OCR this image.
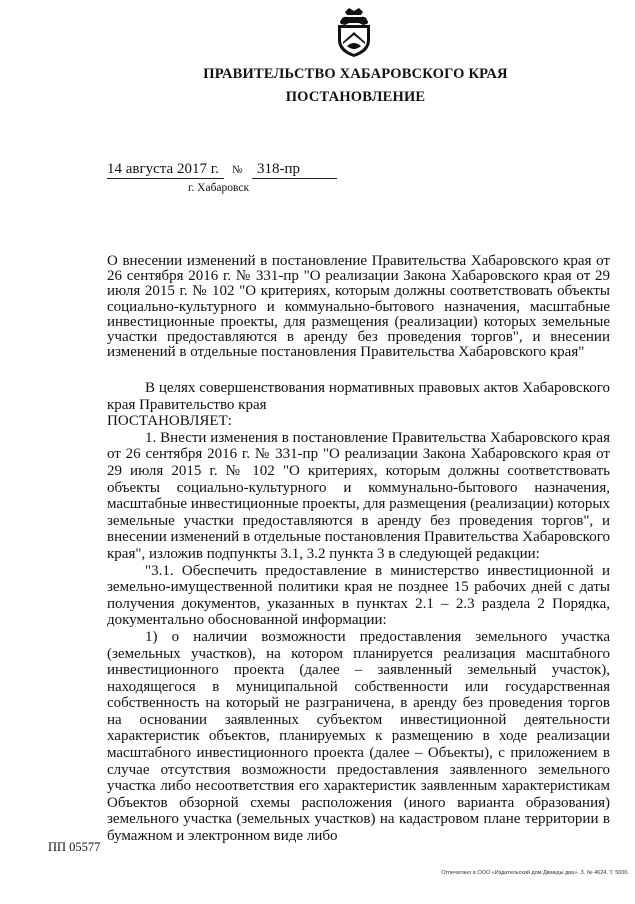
ПРАВИТЕЛЬСТВО ХАБАРОВСКОГО КРАЯ
ПОСТАНОВЛЕНИЕ
14 августа 2017 г. № 318-пр
г. Хабаровск
О внесении изменений в постановление Правительства Хабаровского края от 26 сентября 2016 г. № 331-пр "О реализации Закона Хабаровского края от 29 июля 2015 г. № 102 "О критериях, которым должны соответствовать объекты социально-культурного и коммунально-бытового назначения, масштабные инвестиционные проекты, для размещения (реализации) которых земельные участки предоставляются в аренду без проведения торгов", и внесении изменений в отдельные постановления Правительства Хабаровского края"

В целях совершенствования нормативных правовых актов Хабаровского края Правительство края

ПОСТАНОВЛЯЕТ:

1. Внести изменения в постановление Правительства Хабаровского края от 26 сентября 2016 г. № 331-пр "О реализации Закона Хабаровского края от 29 июля 2015 г. № 102 "О критериях, которым должны соответствовать объекты социально-культурного и коммунально-бытового назначения, масштабные инвестиционные проекты, для размещения (реализации) которых земельные участки предоставляются в аренду без проведения торгов", и внесении изменений в отдельные постановления Правительства Хабаровского края", изложив подпункты 3.1, 3.2 пункта 3 в следующей редакции:

"3.1. Обеспечить предоставление в министерство инвестиционной и земельно-имущественной политики края не позднее 15 рабочих дней с даты получения документов, указанных в пунктах 2.1 – 2.3 раздела 2 Порядка, документально обоснованной информации:

1) о наличии возможности предоставления земельного участка (земельных участков), на котором планируется реализация масштабного инвестиционного проекта (далее – заявленный земельный участок), находящегося в муниципальной собственности или государственная собственность на который не разграничена, в аренду без проведения торгов на основании заявленных субъектом инвестиционной деятельности характеристик объектов, планируемых к размещению в ходе реализации масштабного инвестиционного проекта (далее – Объекты), с приложением в случае отсутствия возможности предоставления заявленного земельного участка либо несоответствия его характеристик заявленным характеристикам Объектов обзорной схемы расположения (иного варианта образования) земельного участка (земельных участков) на кадастровом плане территории в бумажном и электронном виде либо

ПП 05577
Отпечатано в ООО «Издательский дом Дважды два». З. № 4624. Т. 5000.
